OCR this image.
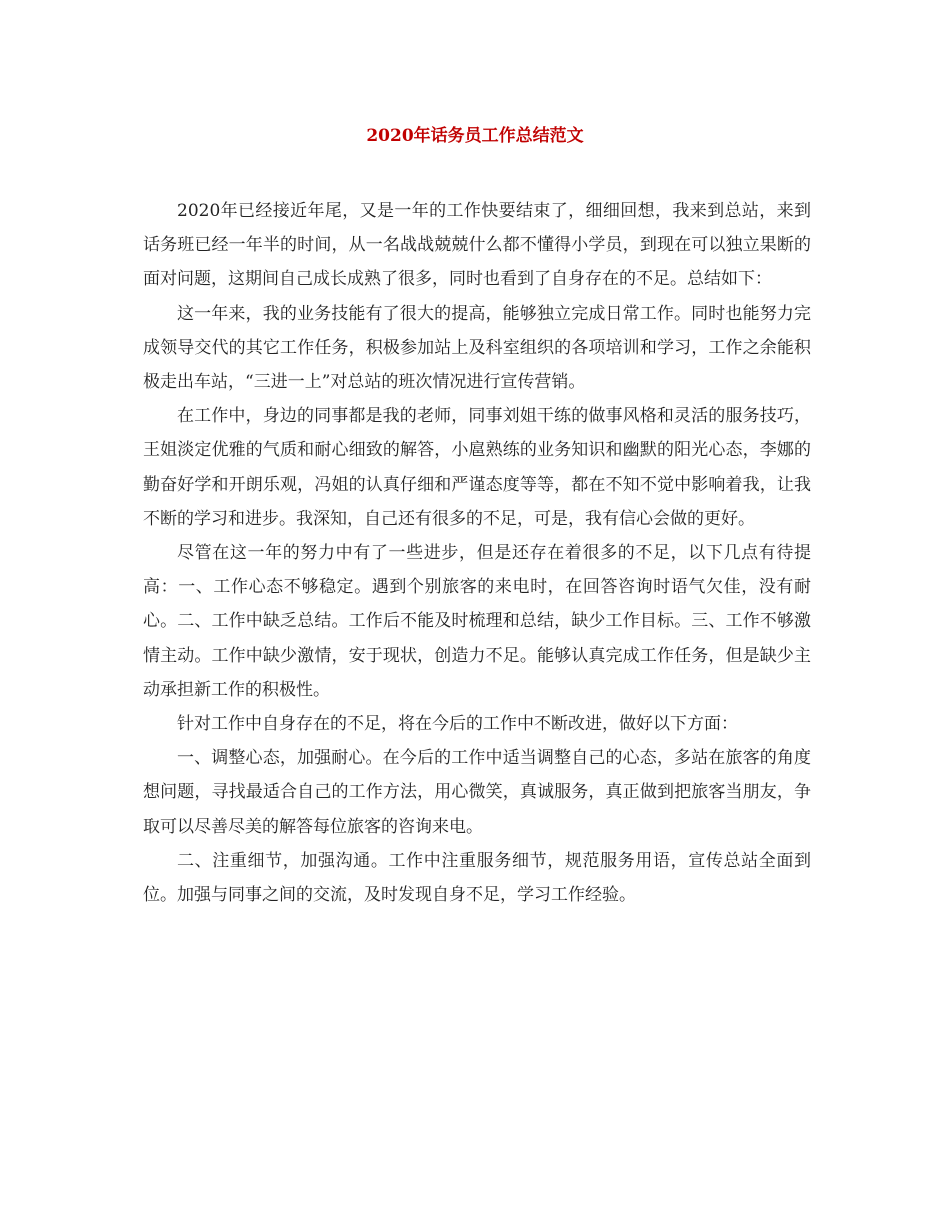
2020年话务员工作总结范文

2020年已经接近年尾，又是一年的工作快要结束了，细细回想，我来到总站，来到话务班已经一年半的时间，从一名战战兢兢什么都不懂得小学员，到现在可以独立果断的面对问题，这期间自己成长成熟了很多，同时也看到了自身存在的不足。总结如下：

这一年来，我的业务技能有了很大的提高，能够独立完成日常工作。同时也能努力完成领导交代的其它工作任务，积极参加站上及科室组织的各项培训和学习，工作之余能积极走出车站，“三进一上”对总站的班次情况进行宣传营销。

在工作中，身边的同事都是我的老师，同事刘姐干练的做事风格和灵活的服务技巧，王姐淡定优雅的气质和耐心细致的解答，小扈熟练的业务知识和幽默的阳光心态，李娜的勤奋好学和开朗乐观，冯姐的认真仔细和严谨态度等等，都在不知不觉中影响着我，让我不断的学习和进步。我深知，自己还有很多的不足，可是，我有信心会做的更好。

尽管在这一年的努力中有了一些进步，但是还存在着很多的不足，以下几点有待提高：一、工作心态不够稳定。遇到个别旅客的来电时，在回答咨询时语气欠佳，没有耐心。二、工作中缺乏总结。工作后不能及时梳理和总结，缺少工作目标。三、工作不够激情主动。工作中缺少激情，安于现状，创造力不足。能够认真完成工作任务，但是缺少主动承担新工作的积极性。

针对工作中自身存在的不足，将在今后的工作中不断改进，做好以下方面：

一、调整心态，加强耐心。在今后的工作中适当调整自己的心态，多站在旅客的角度想问题，寻找最适合自己的工作方法，用心微笑，真诚服务，真正做到把旅客当朋友，争取可以尽善尽美的解答每位旅客的咨询来电。

二、注重细节，加强沟通。工作中注重服务细节，规范服务用语，宣传总站全面到位。加强与同事之间的交流，及时发现自身不足，学习工作经验。
